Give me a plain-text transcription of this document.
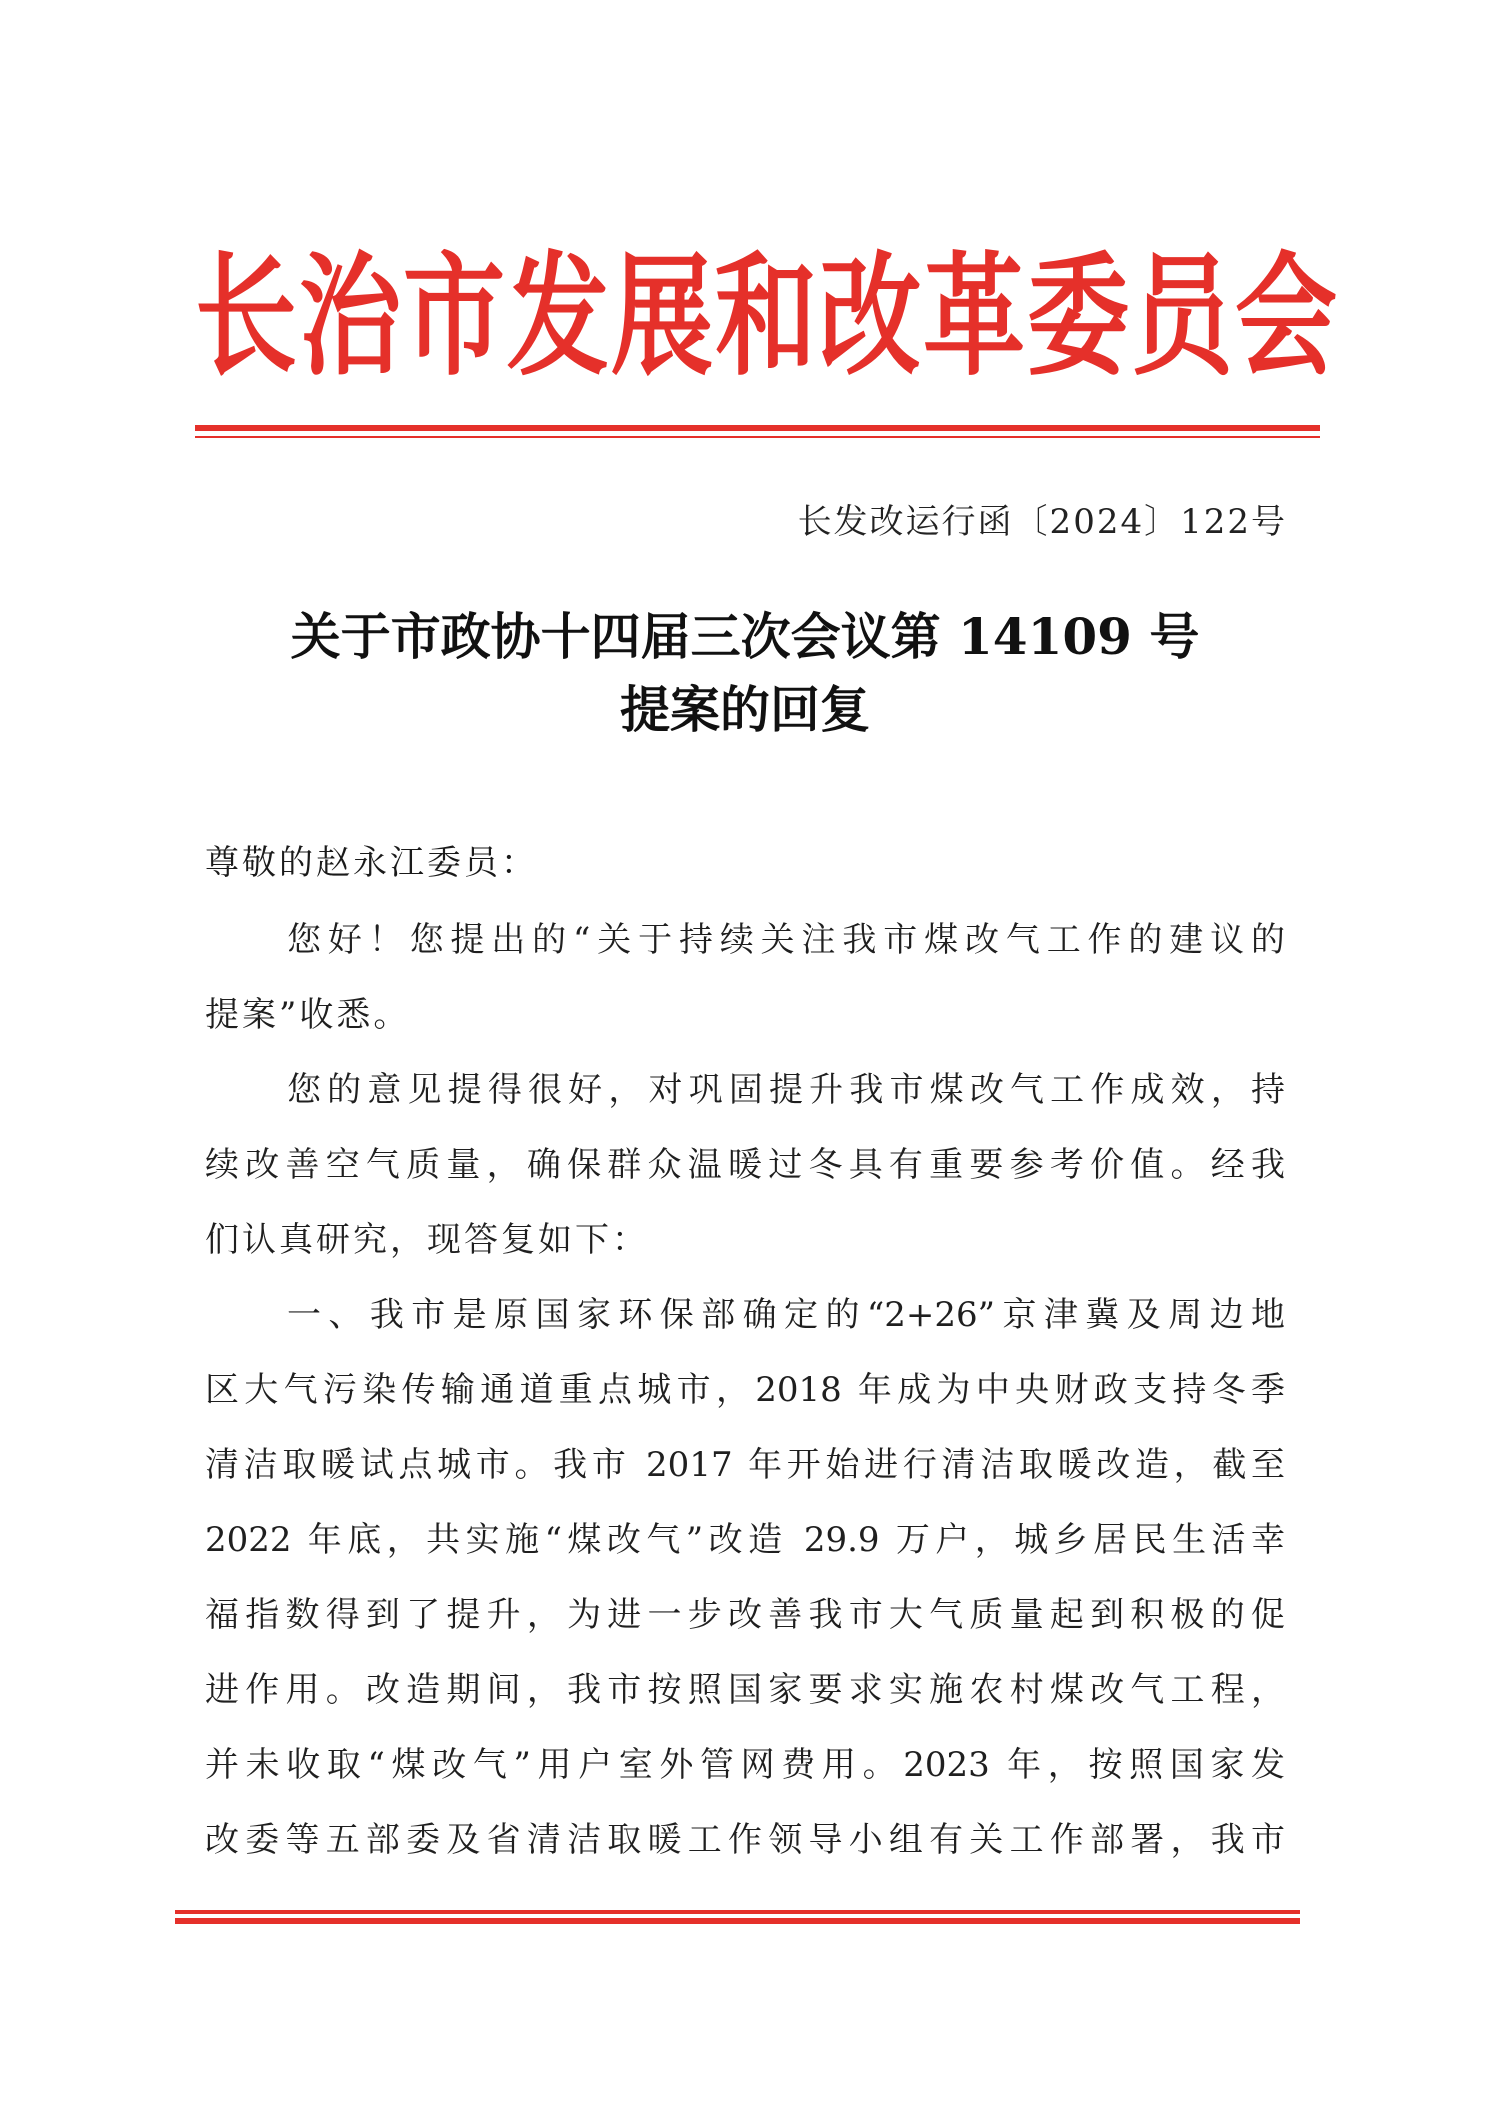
长治市发展和改革委员会
长发改运行函〔2024〕122号
关于市政协十四届三次会议第 14109 号
提案的回复
尊敬的赵永江委员：
您好！您提出的“关于持续关注我市煤改气工作的建议的
提案”收悉。
您的意见提得很好，对巩固提升我市煤改气工作成效，持
续改善空气质量，确保群众温暖过冬具有重要参考价值。经我
们认真研究，现答复如下：
一、我市是原国家环保部确定的“2+26”京津冀及周边地
区大气污染传输通道重点城市，2018 年成为中央财政支持冬季
清洁取暖试点城市。我市 2017 年开始进行清洁取暖改造，截至
2022 年底，共实施“煤改气”改造 29.9 万户，城乡居民生活幸
福指数得到了提升，为进一步改善我市大气质量起到积极的促
进作用。改造期间，我市按照国家要求实施农村煤改气工程，
并未收取“煤改气”用户室外管网费用。2023 年，按照国家发
改委等五部委及省清洁取暖工作领导小组有关工作部署，我市
